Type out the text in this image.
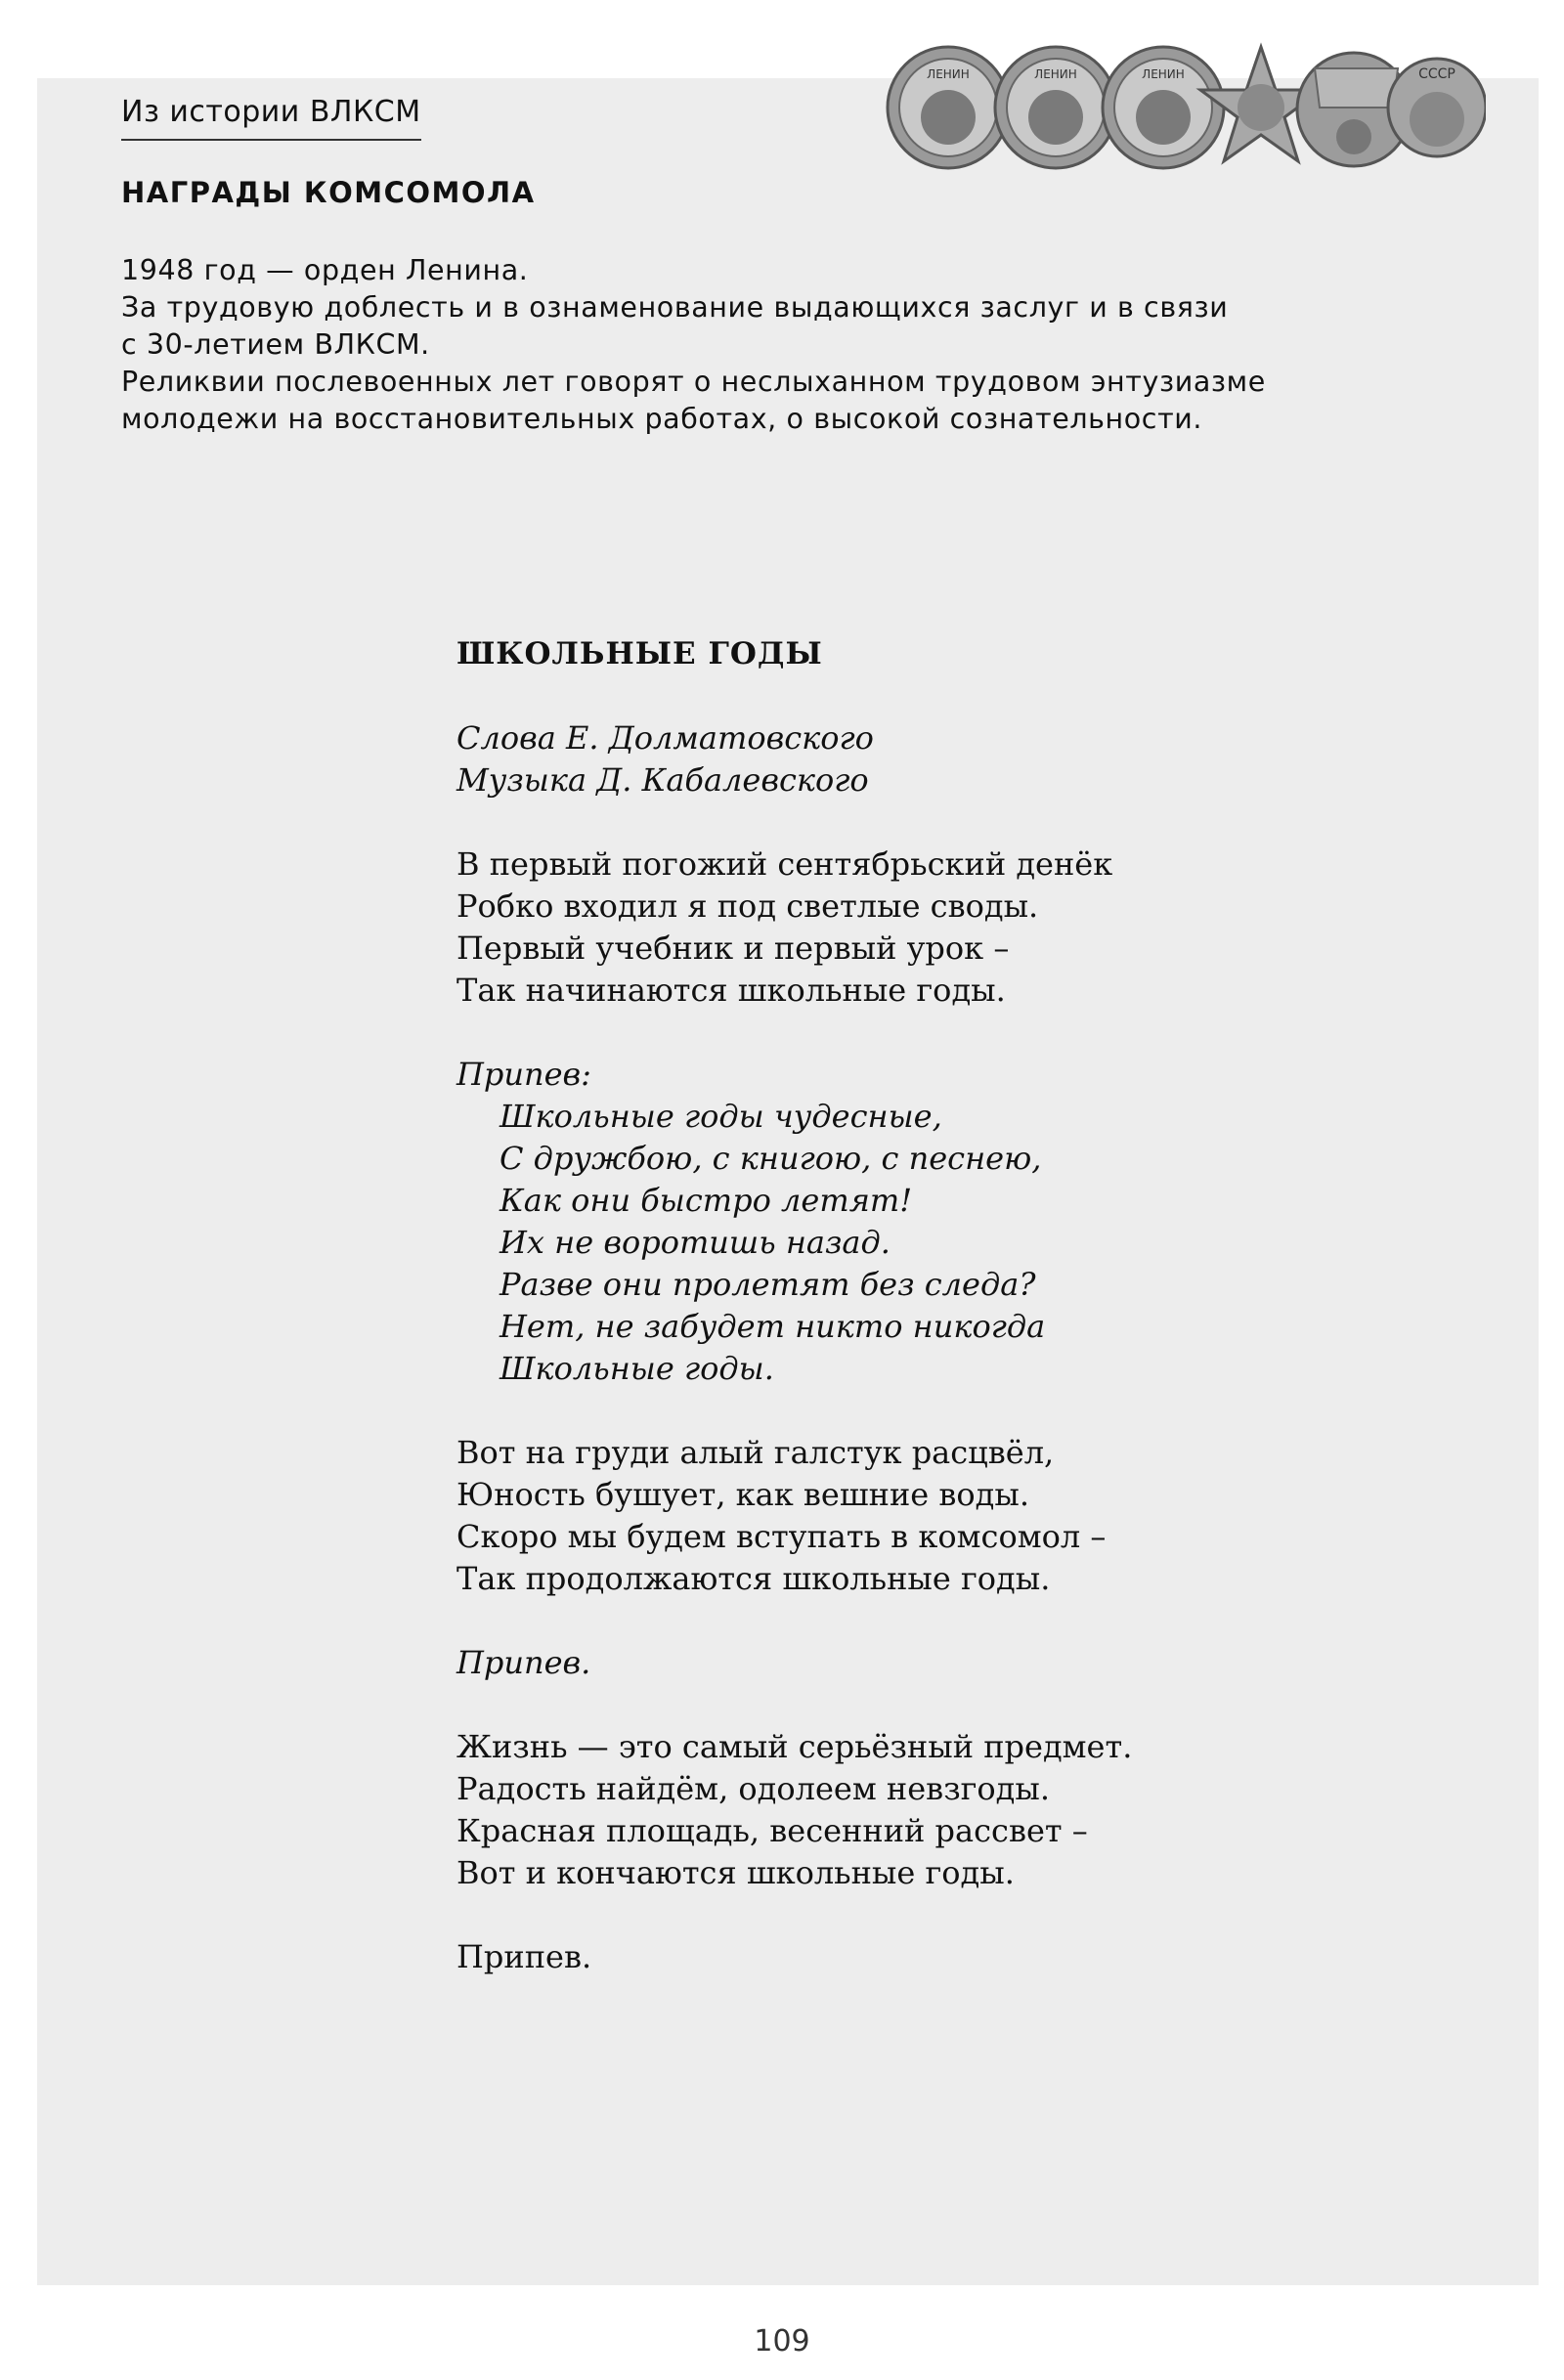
ЛЕНИН	ЛЕНИН	ЛЕНИН	СССР
Из истории ВЛКСМ
НАГРАДЫ КОМСОМОЛА
1948 год — орден Ленина.
За трудовую доблесть и в ознаменование выдающихся заслуг и в связи
с 30-летием ВЛКСМ.
Реликвии послевоенных лет говорят о неслыханном трудовом энтузиазме
молодежи на восстановительных работах, о высокой сознательности.
ШКОЛЬНЫЕ ГОДЫ
Слова Е. Долматовского
Музыка Д. Кабалевского
В первый погожий сентябрьский денёк
Робко входил я под светлые своды.
Первый учебник и первый урок –
Так начинаются школьные годы.
Припев:
Школьные годы чудесные,
С дружбою, с книгою, с песнею,
Как они быстро летят!
Их не воротишь назад.
Разве они пролетят без следа?
Нет, не забудет никто никогда
Школьные годы.
Вот на груди алый галстук расцвёл,
Юность бушует, как вешние воды.
Скоро мы будем вступать в комсомол –
Так продолжаются школьные годы.
Припев.
Жизнь — это самый серьёзный предмет.
Радость найдём, одолеем невзгоды.
Красная площадь, весенний рассвет –
Вот и кончаются школьные годы.
Припев.
109
